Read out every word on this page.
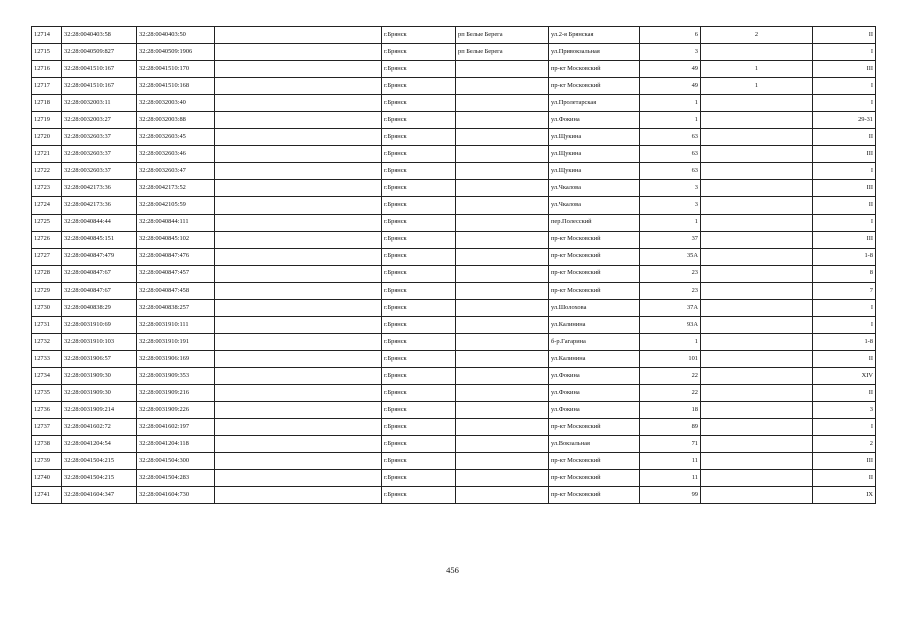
12714	32:28:0040403:58	32:28:0040403:50		г.Брянск	рп Белые Берега	ул.2-я Брянская	6	2	II
12715	32:28:0040509:827	32:28:0040509:1906		г.Брянск	рп Белые Берега	ул.Привокзальная	3		I
12716	32:28:0041510:167	32:28:0041510:170		г.Брянск		пр-кт Московский	49	1	III
12717	32:28:0041510:167	32:28:0041510:168		г.Брянск		пр-кт Московский	49	1	I
12718	32:28:0032003:11	32:28:0032003:40		г.Брянск		ул.Пролетарская	1		I
12719	32:28:0032003:27	32:28:0032003:88		г.Брянск		ул.Фокина	1		29-31
12720	32:28:0032603:37	32:28:0032603:45		г.Брянск		ул.Щукина	63		II
12721	32:28:0032603:37	32:28:0032603:46		г.Брянск		ул.Щукина	63		III
12722	32:28:0032603:37	32:28:0032603:47		г.Брянск		ул.Щукина	63		I
12723	32:28:0042173:36	32:28:0042173:52		г.Брянск		ул.Чкалова	3		III
12724	32:28:0042173:36	32:28:0042105:59		г.Брянск		ул.Чкалова	3		II
12725	32:28:0040844:44	32:28:0040844:111		г.Брянск		пер.Полесский	1		I
12726	32:28:0040845:151	32:28:0040845:102		г.Брянск		пр-кт Московский	37		III
12727	32:28:0040847:479	32:28:0040847:476		г.Брянск		пр-кт Московский	35А		1-8
12728	32:28:0040847:67	32:28:0040847:457		г.Брянск		пр-кт Московский	23		8
12729	32:28:0040847:67	32:28:0040847:458		г.Брянск		пр-кт Московский	23		7
12730	32:28:0040838:29	32:28:0040838:257		г.Брянск		ул.Шолохова	37А		I
12731	32:28:0031910:69	32:28:0031910:111		г.Брянск		ул.Калинина	93А		I
12732	32:28:0031910:103	32:28:0031910:191		г.Брянск		б-р.Гагарина	1		1-8
12733	32:28:0031906:57	32:28:0031906:169		г.Брянск		ул.Калинина	101		II
12734	32:28:0031909:30	32:28:0031909:353		г.Брянск		ул.Фокина	22		XIV
12735	32:28:0031909:30	32:28:0031909:216		г.Брянск		ул.Фокина	22		II
12736	32:28:0031909:214	32:28:0031909:226		г.Брянск		ул.Фокина	18		3
12737	32:28:0041602:72	32:28:0041602:197		г.Брянск		пр-кт Московский	89		I
12738	32:28:0041204:54	32:28:0041204:118		г.Брянск		ул.Вокзальная	71		2
12739	32:28:0041504:215	32:28:0041504:300		г.Брянск		пр-кт Московский	11		III
12740	32:28:0041504:215	32:28:0041504:283		г.Брянск		пр-кт Московский	11		II
12741	32:28:0041604:347	32:28:0041604:730		г.Брянск		пр-кт Московский	99		IX
456
